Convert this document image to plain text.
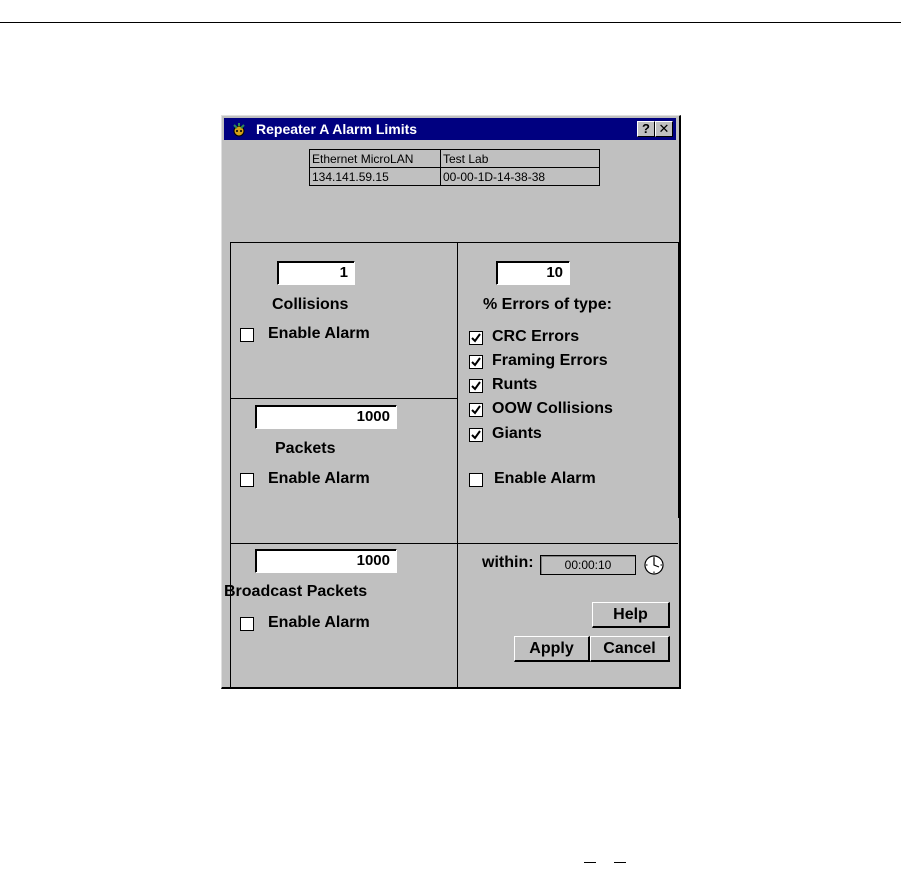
Repeater A Alarm Limits	? ✕
Ethernet MicroLAN	Test Lab
134.141.59.15	00-00-1D-14-38-38
1
Collisions
Enable Alarm
1000
Packets
Enable Alarm
1000
Broadcast Packets
Enable Alarm
10
% Errors of type:
CRC Errors
Framing Errors
Runts
OOW Collisions
Giants
Enable Alarm
within:	00:00:10
Help
Apply	Cancel
